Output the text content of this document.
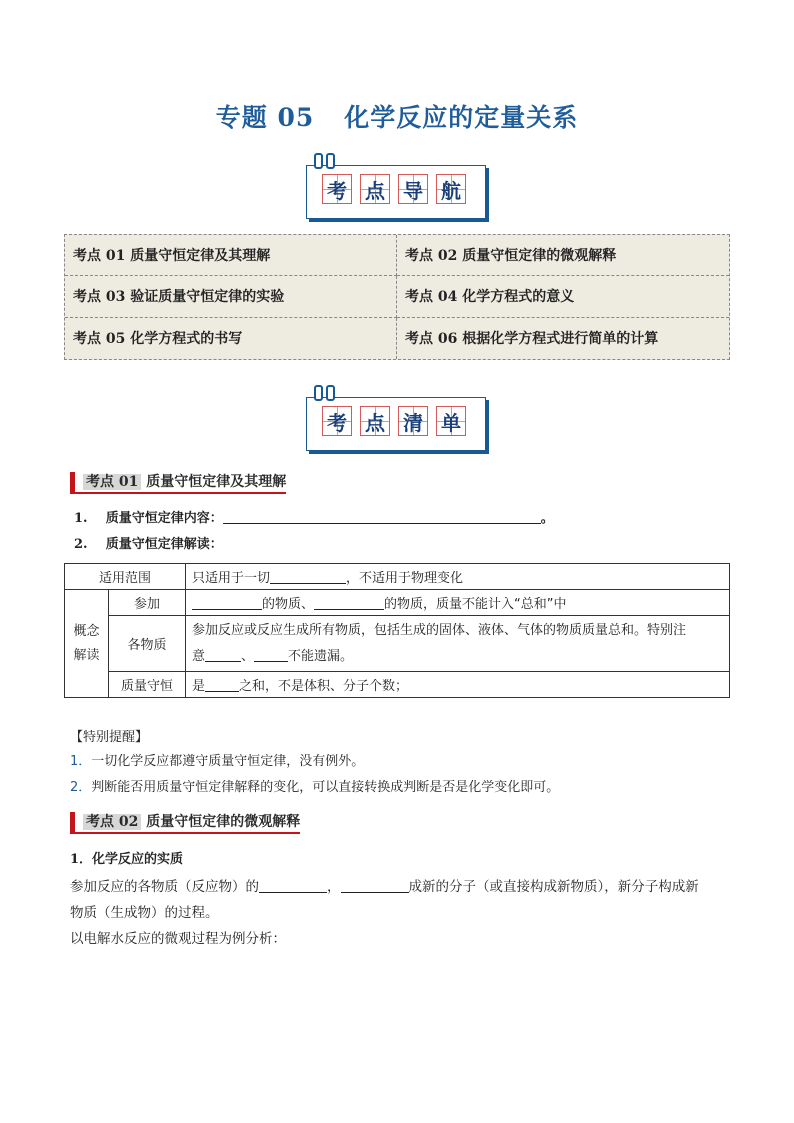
专题 05 化学反应的定量关系
考 点 导 航
考点 01 质量守恒定律及其理解	考点 02 质量守恒定律的微观解释
考点 03 验证质量守恒定律的实验	考点 04 化学方程式的意义
考点 05 化学方程式的书写	考点 06 根据化学方程式进行简单的计算
考 点 清 单
考点 01 质量守恒定律及其理解
1. 质量守恒定律内容：	。
2. 质量守恒定律解读：
适用范围		只适用于一切 ，不适用于物理变化
概念
解读	参加	的物质、 的物质，质量不能计入“总和”中
	各物质	参加反应或反应生成所有物质，包括生成的固体、液体、气体的物质质量总和。特别注
意 、 不能遗漏。
	质量守恒	是 之和，不是体积、分子个数；
【特别提醒】
1．一切化学反应都遵守质量守恒定律，没有例外。
2．判断能否用质量守恒定律解释的变化，可以直接转换成判断是否是化学变化即可。
考点 02 质量守恒定律的微观解释
1．化学反应的实质
参加反应的各物质（反应物）的	，	成新的分子（或直接构成新物质），新分子构成新
物质（生成物）的过程。
以电解水反应的微观过程为例分析：
